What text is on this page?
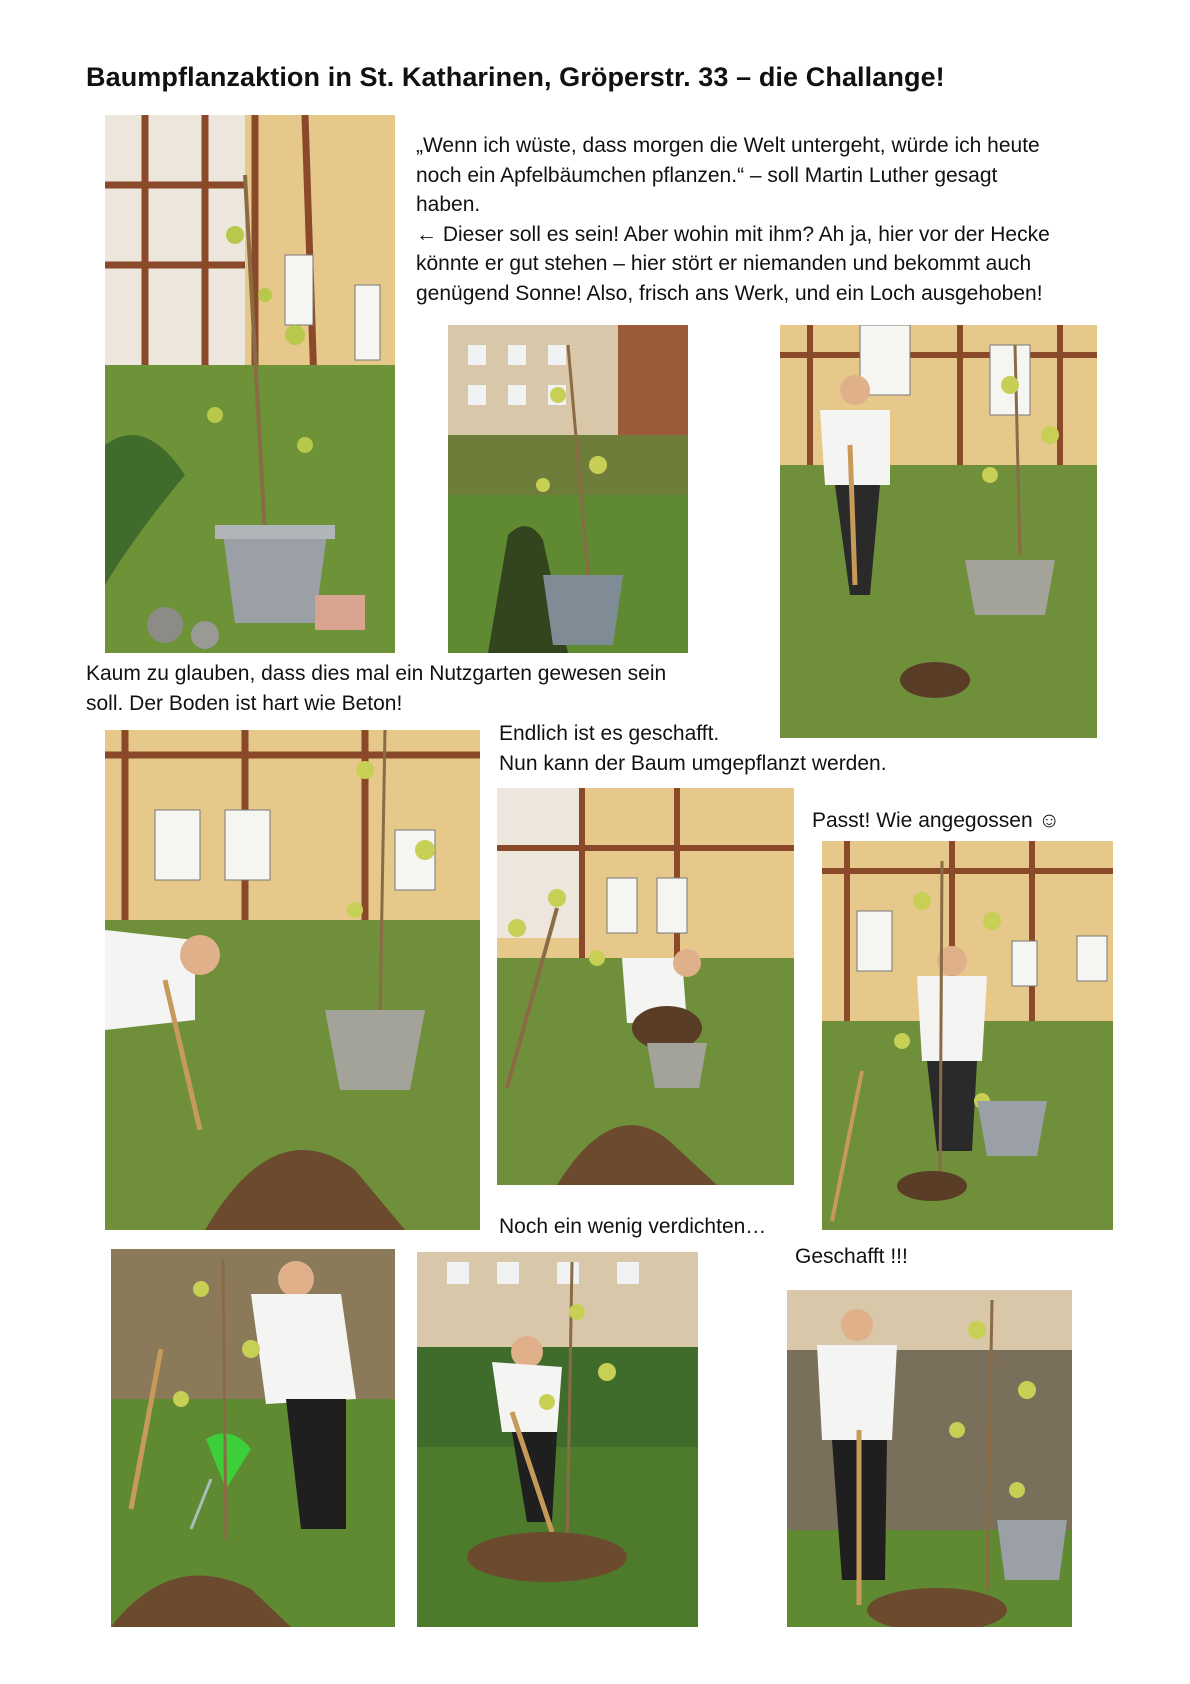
Baumpflanzaktion in St. Katharinen, Gröperstr. 33 – die Challange!
„Wenn ich wüste, dass morgen die Welt untergeht, würde ich heute
noch ein Apfelbäumchen pflanzen.“ – soll Martin Luther gesagt
haben.
← Dieser soll es sein! Aber wohin mit ihm? Ah ja, hier vor der Hecke
könnte er gut stehen – hier stört er niemanden und bekommt auch
genügend Sonne! Also, frisch ans Werk, und ein Loch ausgehoben!
Kaum zu glauben, dass dies mal ein Nutzgarten gewesen sein
soll. Der Boden ist hart wie Beton!
Endlich ist es geschafft.
Nun kann der Baum umgepflanzt werden.
Passt! Wie angegossen ☺
Noch ein wenig verdichten…
Geschafft !!!
